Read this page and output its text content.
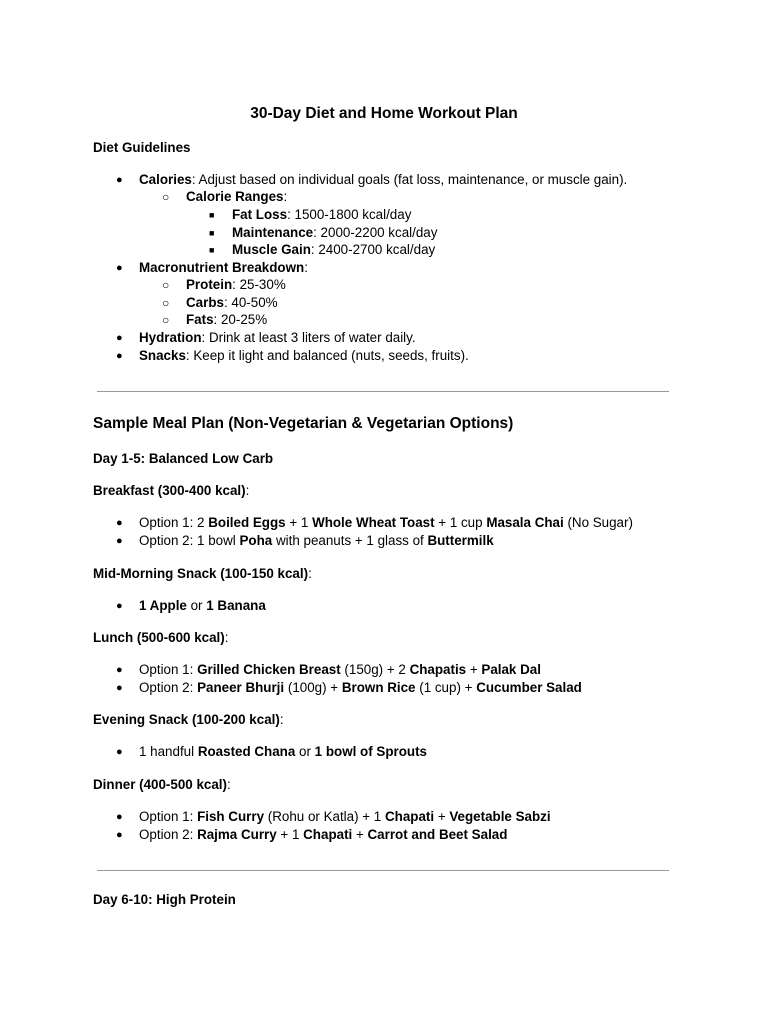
30-Day Diet and Home Workout Plan
Diet Guidelines
● Calories: Adjust based on individual goals (fat loss, maintenance, or muscle gain).
○ Calorie Ranges:
■ Fat Loss: 1500-1800 kcal/day
■ Maintenance: 2000-2200 kcal/day
■ Muscle Gain: 2400-2700 kcal/day
● Macronutrient Breakdown:
○ Protein: 25-30%
○ Carbs: 40-50%
○ Fats: 20-25%
● Hydration: Drink at least 3 liters of water daily.
● Snacks: Keep it light and balanced (nuts, seeds, fruits).
Sample Meal Plan (Non-Vegetarian & Vegetarian Options)
Day 1-5: Balanced Low Carb
Breakfast (300-400 kcal):
● Option 1: 2 Boiled Eggs + 1 Whole Wheat Toast + 1 cup Masala Chai (No Sugar)
● Option 2: 1 bowl Poha with peanuts + 1 glass of Buttermilk
Mid-Morning Snack (100-150 kcal):
● 1 Apple or 1 Banana
Lunch (500-600 kcal):
● Option 1: Grilled Chicken Breast (150g) + 2 Chapatis + Palak Dal
● Option 2: Paneer Bhurji (100g) + Brown Rice (1 cup) + Cucumber Salad
Evening Snack (100-200 kcal):
● 1 handful Roasted Chana or 1 bowl of Sprouts
Dinner (400-500 kcal):
● Option 1: Fish Curry (Rohu or Katla) + 1 Chapati + Vegetable Sabzi
● Option 2: Rajma Curry + 1 Chapati + Carrot and Beet Salad
Day 6-10: High Protein
